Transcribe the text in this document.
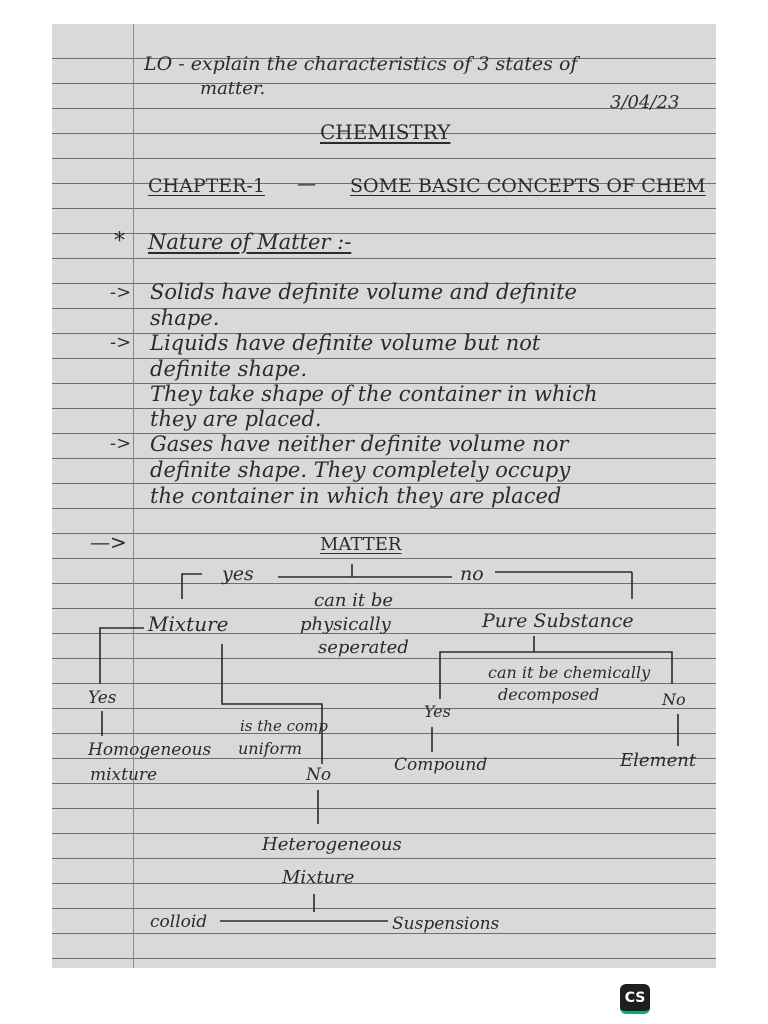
LO - explain the characteristics of 3 states of
matter.
3/04/23
CHEMISTRY
CHAPTER-1 — SOME BASIC CONCEPTS OF CHEM
* Nature of Matter :-
-> Solids have definite volume and definite
shape.
-> Liquids have definite volume but not
definite shape.
They take shape of the container in which
they are placed.
-> Gases have neither definite volume nor
definite shape. They completely occupy
the container in which they are placed
—>	MATTER
yes	no
can it be
physically
seperated
Mixture	Pure Substance
can it be chemically
decomposed
Yes
Yes
No
is the comp
uniform
Homogeneous
mixture	Compound	Element
No
Heterogeneous
Mixture
colloid	Suspensions
CS
